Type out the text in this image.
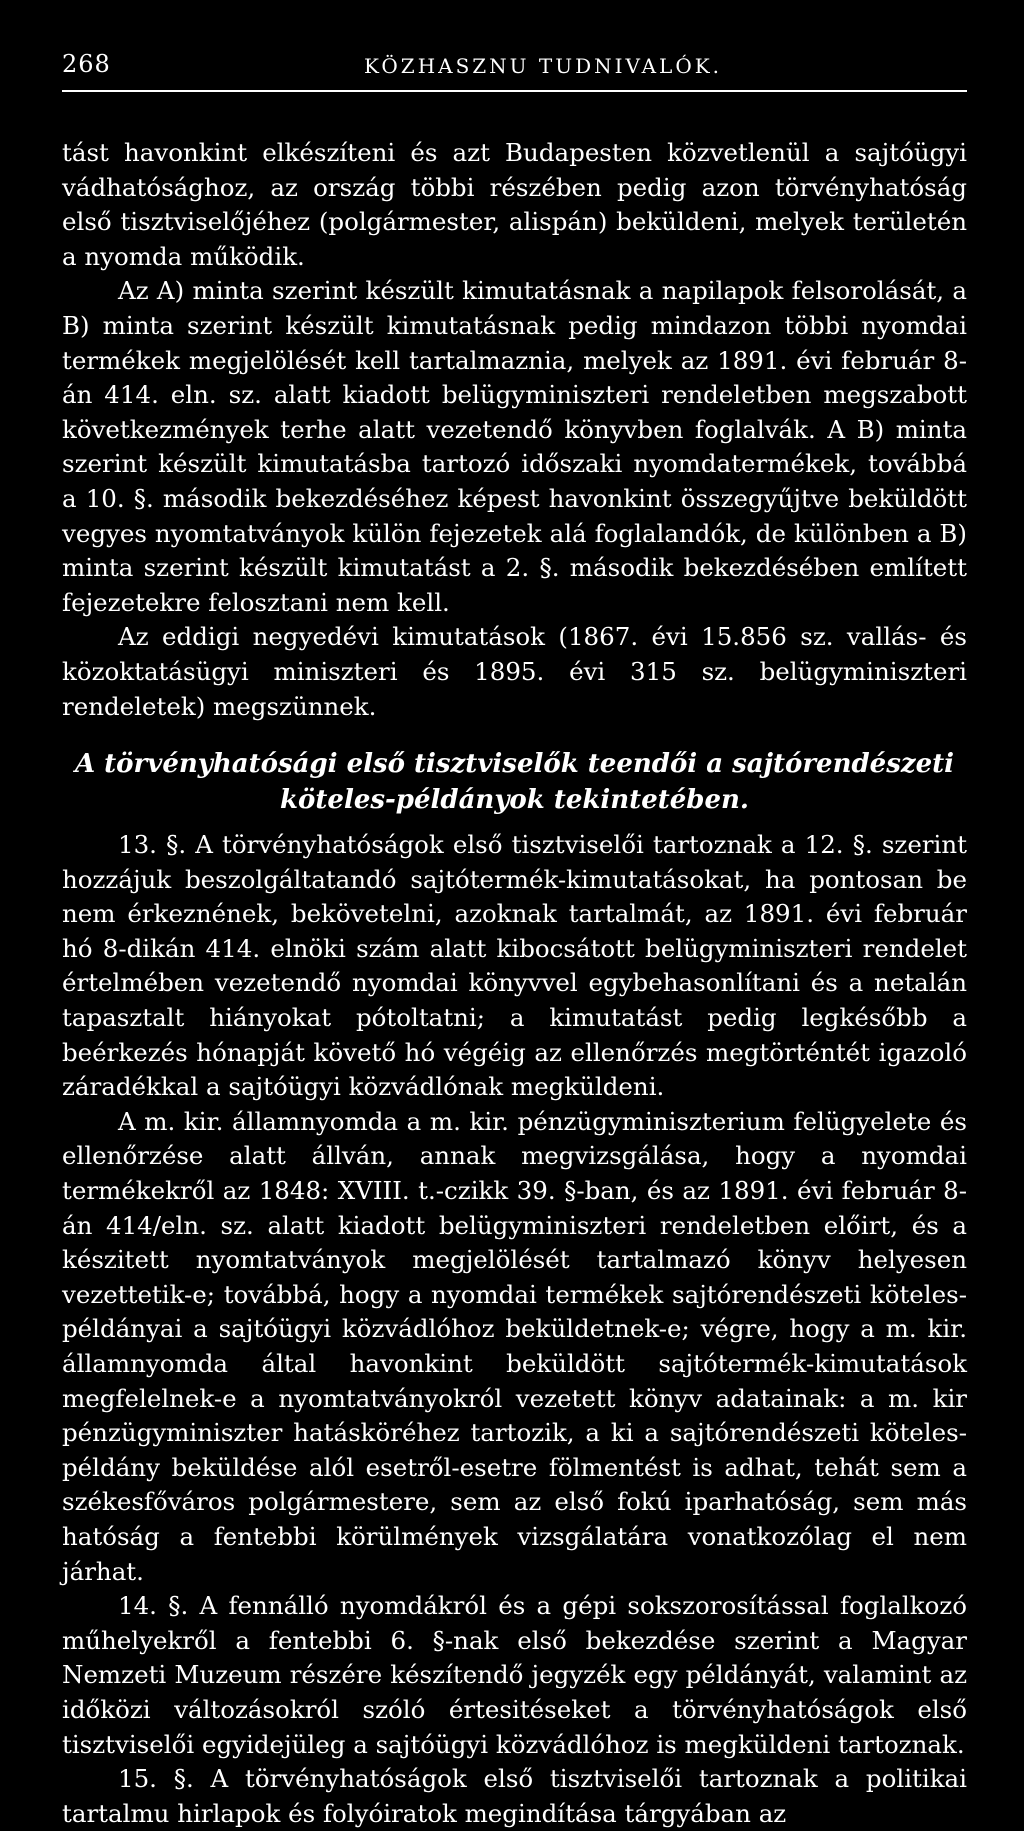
268	KÖZHASZNU TUDNIVALÓK.

tást havonkint elkészíteni és azt Budapesten közvetlenül a sajtóügyi vádhatósághoz, az ország többi részében pedig azon törvényhatóság első tisztviselőjéhez (polgármester, alispán) beküldeni, melyek területén a nyomda működik.

Az A) minta szerint készült kimutatásnak a napilapok felsorolását, a B) minta szerint készült kimutatásnak pedig mindazon többi nyomdai termékek megjelölését kell tartalmaznia, melyek az 1891. évi február 8-án 414. eln. sz. alatt kiadott belügyminiszteri rendeletben megszabott következmények terhe alatt vezetendő könyvben foglalvák. A B) minta szerint készült kimutatásba tartozó időszaki nyomdatermékek, továbbá a 10. §. második bekezdéséhez képest havonkint összegyűjtve beküldött vegyes nyomtatványok külön fejezetek alá foglalandók, de különben a B) minta szerint készült kimutatást a 2. §. második bekezdésében említett fejezetekre felosztani nem kell.

Az eddigi negyedévi kimutatások (1867. évi 15.856 sz. vallás- és közoktatásügyi miniszteri és 1895. évi 315 sz. belügyminiszteri rendeletek) megszünnek.

A törvényhatósági első tisztviselők teendői a sajtórendészeti
köteles-példányok tekintetében.

13. §. A törvényhatóságok első tisztviselői tartoznak a 12. §. szerint hozzájuk beszolgáltatandó sajtótermék-kimutatásokat, ha pontosan be nem érkeznének, bekövetelni, azoknak tartalmát, az 1891. évi február hó 8-dikán 414. elnöki szám alatt kibocsátott belügyminiszteri rendelet értelmében vezetendő nyomdai könyvvel egybehasonlítani és a netalán tapasztalt hiányokat pótoltatni; a kimutatást pedig legkésőbb a beérkezés hónapját követő hó végéig az ellenőrzés megtörténtét igazoló záradékkal a sajtóügyi közvádlónak megküldeni.

A m. kir. államnyomda a m. kir. pénzügyminiszterium felügyelete és ellenőrzése alatt állván, annak megvizsgálása, hogy a nyomdai termékekről az 1848: XVIII. t.-czikk 39. §-ban, és az 1891. évi február 8-án 414/eln. sz. alatt kiadott belügyminiszteri rendeletben előirt, és a készitett nyomtatványok megjelölését tartalmazó könyv helyesen vezettetik-e; továbbá, hogy a nyomdai termékek sajtórendészeti köteles-példányai a sajtóügyi közvádlóhoz beküldetnek-e; végre, hogy a m. kir. államnyomda által havonkint beküldött sajtótermék-kimutatások megfelelnek-e a nyomtatványokról vezetett könyv adatainak: a m. kir pénzügyminiszter hatásköréhez tartozik, a ki a sajtórendészeti köteles-példány beküldése alól esetről-esetre fölmentést is adhat, tehát sem a székesfőváros polgármestere, sem az első fokú iparhatóság, sem más hatóság a fentebbi körülmények vizsgálatára vonatkozólag el nem járhat.

14. §. A fennálló nyomdákról és a gépi sokszorosítással foglalkozó műhelyekről a fentebbi 6. §-nak első bekezdése szerint a Magyar Nemzeti Muzeum részére készítendő jegyzék egy példányát, valamint az időközi változásokról szóló értesitéseket a törvényhatóságok első tisztviselői egyidejüleg a sajtóügyi közvádlóhoz is megküldeni tartoznak.

15. §. A törvényhatóságok első tisztviselői tartoznak a politikai tartalmu hirlapok és folyóiratok megindítása tárgyában az
